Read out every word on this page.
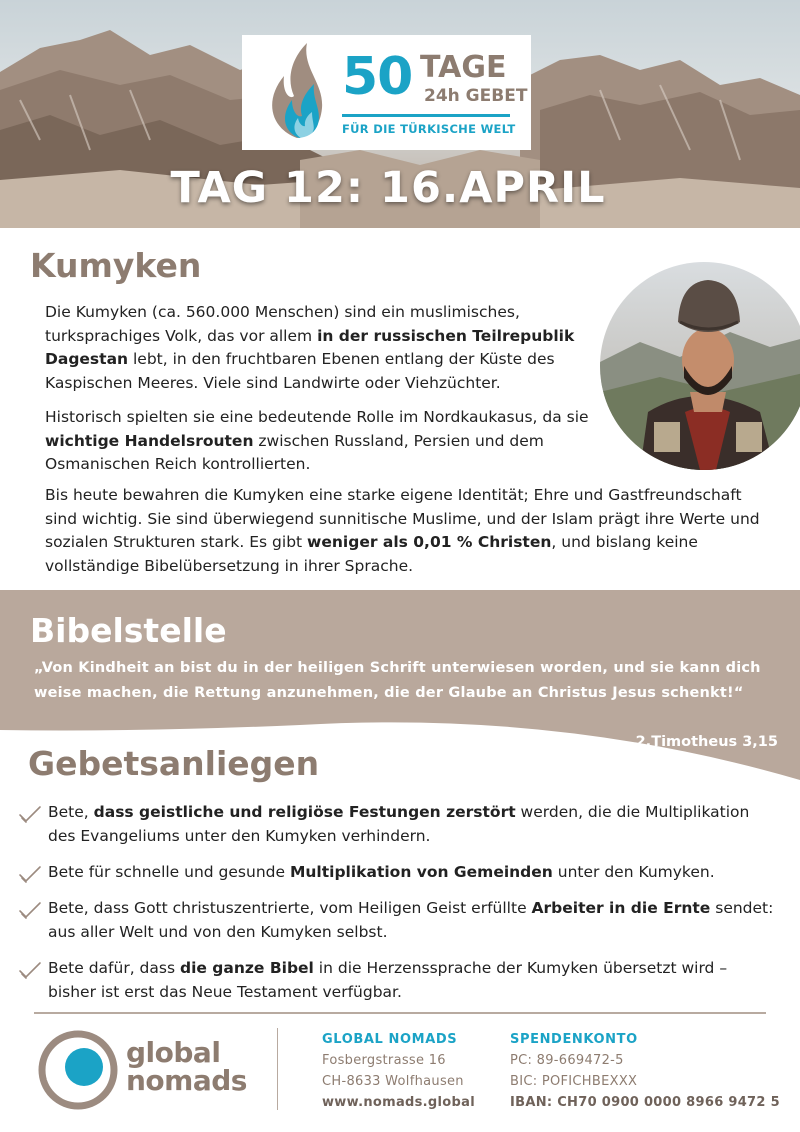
50 TAGE
24h GEBET
FÜR DIE TÜRKISCHE WELT
TAG 12: 16.APRIL
Kumyken

Die Kumyken (ca. 560.000 Menschen) sind ein muslimisches, turksprachiges Volk, das vor allem in der russischen Teilrepublik Dagestan lebt, in den fruchtbaren Ebenen entlang der Küste des Kaspischen Meeres. Viele sind Landwirte oder Viehzüchter.

Historisch spielten sie eine bedeutende Rolle im Nordkaukasus, da sie wichtige Handelsrouten zwischen Russland, Persien und dem Osmanischen Reich kontrollierten.

Bis heute bewahren die Kumyken eine starke eigene Identität; Ehre und Gastfreundschaft sind wichtig. Sie sind überwiegend sunnitische Muslime, und der Islam prägt ihre Werte und sozialen Strukturen stark. Es gibt weniger als 0,01 % Christen, und bislang keine vollständige Bibelübersetzung in ihrer Sprache.

Bibelstelle
„Von Kindheit an bist du in der heiligen Schrift unterwiesen worden, und sie kann dich weise machen, die Rettung anzunehmen, die der Glaube an Christus Jesus schenkt!“
2.Timotheus 3,15
Gebetsanliegen
Bete, dass geistliche und religiöse Festungen zerstört werden, die die Multiplikation des Evangeliums unter den Kumyken verhindern.
Bete für schnelle und gesunde Multiplikation von Gemeinden unter den Kumyken.
Bete, dass Gott christuszentrierte, vom Heiligen Geist erfüllte Arbeiter in die Ernte sendet: aus aller Welt und von den Kumyken selbst.
Bete dafür, dass die ganze Bibel in die Herzenssprache der Kumyken übersetzt wird – bisher ist erst das Neue Testament verfügbar.
global
nomads
GLOBAL NOMADS
Fosbergstrasse 16
CH-8633 Wolfhausen
www.nomads.global
SPENDENKONTO
PC: 89-669472-5
BIC: POFICHBEXXX
IBAN: CH70 0900 0000 8966 9472 5
